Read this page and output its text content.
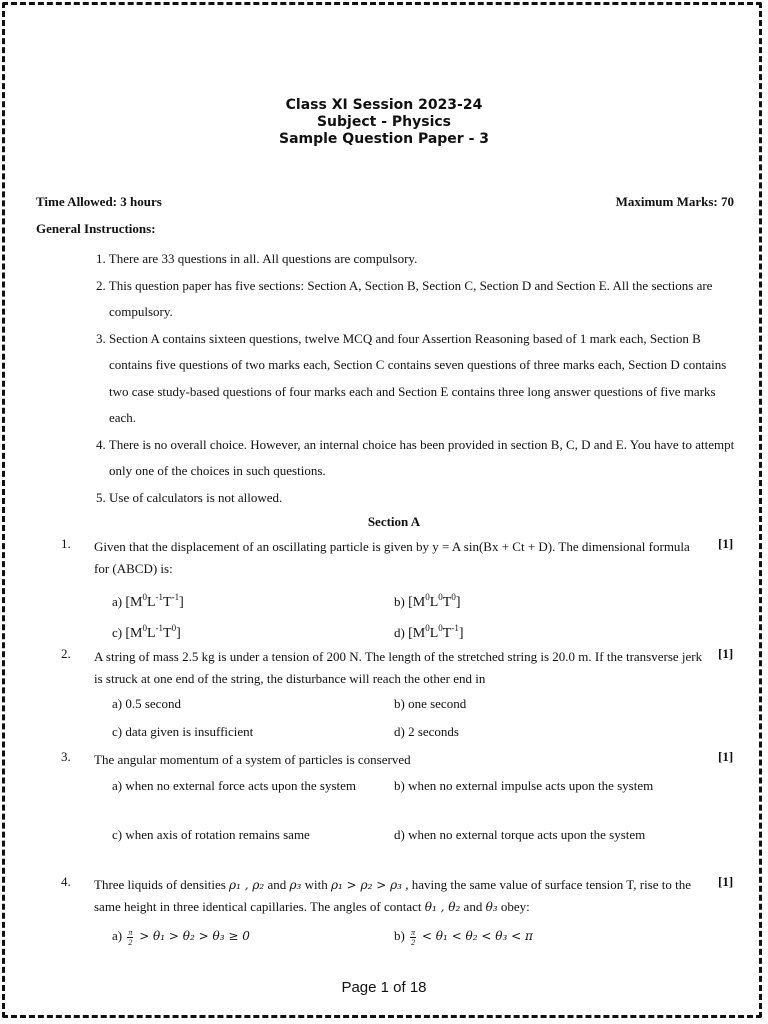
Class XI Session 2023-24
Subject - Physics
Sample Question Paper - 3
Time Allowed: 3 hours	Maximum Marks: 70
General Instructions:
1. There are 33 questions in all. All questions are compulsory.
2. This question paper has five sections: Section A, Section B, Section C, Section D and Section E. All the sections are compulsory.
3. Section A contains sixteen questions, twelve MCQ and four Assertion Reasoning based of 1 mark each, Section B contains five questions of two marks each, Section C contains seven questions of three marks each, Section D contains two case study-based questions of four marks each and Section E contains three long answer questions of five marks each.
4. There is no overall choice. However, an internal choice has been provided in section B, C, D and E. You have to attempt only one of the choices in such questions.
5. Use of calculators is not allowed.
Section A
1. Given that the displacement of an oscillating particle is given by y = A sin(Bx + Ct + D). The dimensional formula for (ABCD) is:
[1]
a) $[M^0L^{-1}T^{-1}]$	b) $[M^0L^0T^0]$
c) $[M^0L^{-1}T^0]$	d) $[M^0L^0T^{-1}]$
2. A string of mass 2.5 kg is under a tension of 200 N. The length of the stretched string is 20.0 m. If the transverse jerk is struck at one end of the string, the disturbance will reach the other end in
[1]
a) 0.5 second	b) one second
c) data given is insufficient	d) 2 seconds
3. The angular momentum of a system of particles is conserved	[1]
a) when no external force acts upon the system	b) when no external impulse acts upon the system
c) when axis of rotation remains same	d) when no external torque acts upon the system
4. Three liquids of densities ρ₁ , ρ₂ and ρ₃ with ρ₁ > ρ₂ > ρ₃ , having the same value of surface tension T, rise to the same height in three identical capillaries. The angles of contact θ₁ , θ₂ and θ₃ obey:
[1]
$a) \frac{\pi}{2} > \theta_1 > \theta_2 > \theta_3 \ge 0$	$b) \frac{\pi}{2} < \theta_1 < \theta_2 < \theta_3 < \pi$
Page 1 of 18
